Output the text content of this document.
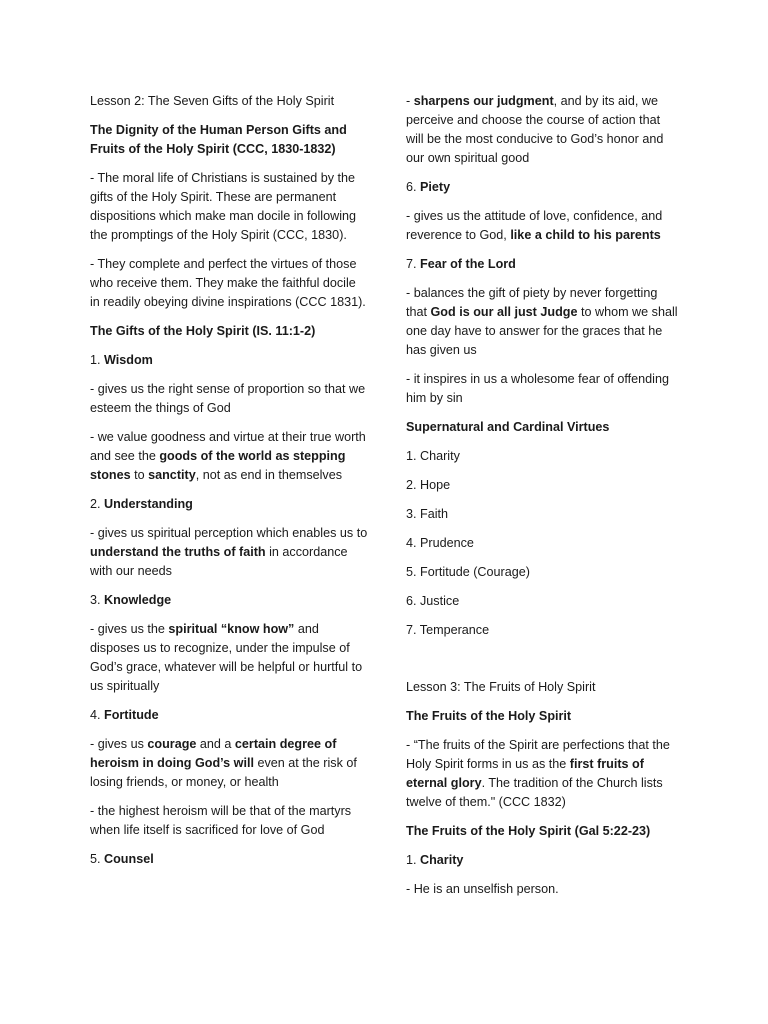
Lesson 2: The Seven Gifts of the Holy Spirit

The Dignity of the Human Person Gifts and Fruits of the Holy Spirit (CCC, 1830-1832)

- The moral life of Christians is sustained by the gifts of the Holy Spirit. These are permanent dispositions which make man docile in following the promptings of the Holy Spirit (CCC, 1830).

- They complete and perfect the virtues of those who receive them. They make the faithful docile in readily obeying divine inspirations (CCC 1831).

The Gifts of the Holy Spirit (IS. 11:1-2)

1. Wisdom

- gives us the right sense of proportion so that we esteem the things of God

- we value goodness and virtue at their true worth and see the goods of the world as stepping stones to sanctity, not as end in themselves

2. Understanding

- gives us spiritual perception which enables us to understand the truths of faith in accordance with our needs

3. Knowledge

- gives us the spiritual “know how” and disposes us to recognize, under the impulse of God’s grace, whatever will be helpful or hurtful to us spiritually

4. Fortitude

- gives us courage and a certain degree of heroism in doing God’s will even at the risk of losing friends, or money, or health

- the highest heroism will be that of the martyrs when life itself is sacrificed for love of God

5. Counsel

- sharpens our judgment, and by its aid, we perceive and choose the course of action that will be the most conducive to God’s honor and our own spiritual good

6. Piety

- gives us the attitude of love, confidence, and reverence to God, like a child to his parents

7. Fear of the Lord

- balances the gift of piety by never forgetting that God is our all just Judge to whom we shall one day have to answer for the graces that he has given us

- it inspires in us a wholesome fear of offending him by sin

Supernatural and Cardinal Virtues

1. Charity

2. Hope

3. Faith

4. Prudence

5. Fortitude (Courage)

6. Justice

7. Temperance

Lesson 3: The Fruits of Holy Spirit

The Fruits of the Holy Spirit

- “The fruits of the Spirit are perfections that the Holy Spirit forms in us as the first fruits of eternal glory. The tradition of the Church lists twelve of them." (CCC 1832)

The Fruits of the Holy Spirit (Gal 5:22-23)

1. Charity

- He is an unselfish person.
